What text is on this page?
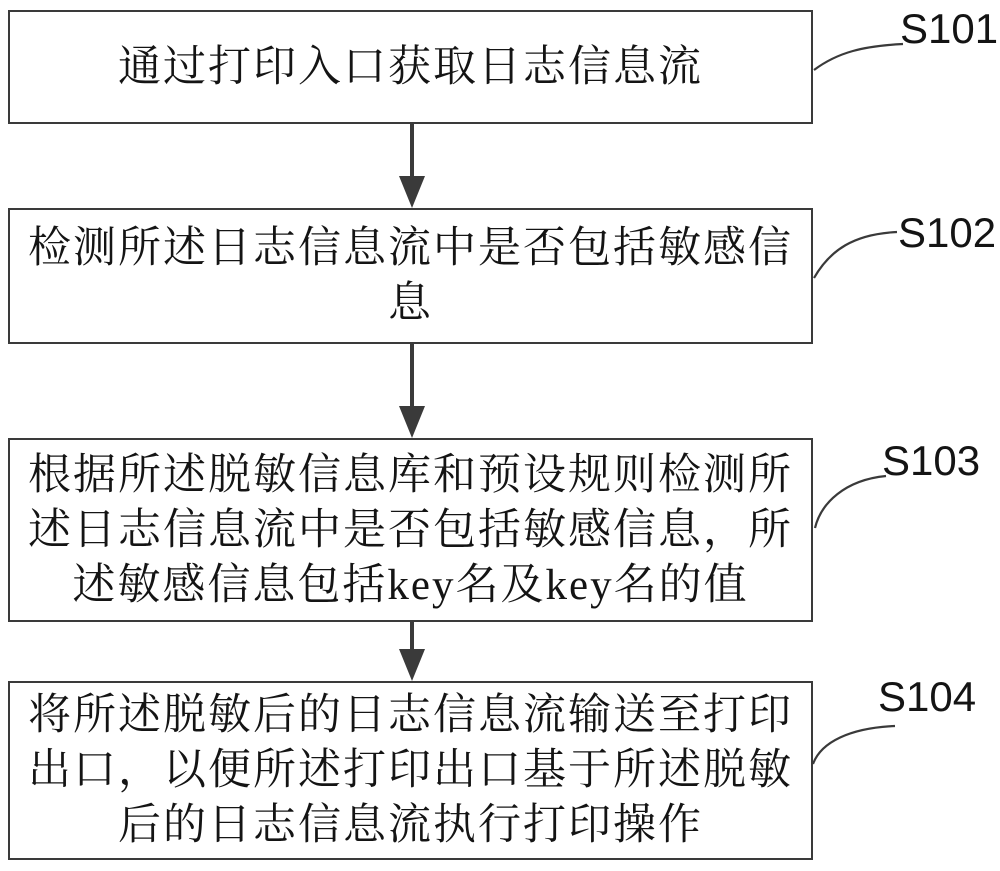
通过打印入口获取日志信息流
检测所述日志信息流中是否包括敏感信
息
根据所述脱敏信息库和预设规则检测所
述日志信息流中是否包括敏感信息，所
述敏感信息包括key名及key名的值
将所述脱敏后的日志信息流输送至打印
出口，以便所述打印出口基于所述脱敏
后的日志信息流执行打印操作
S101
S102
S103
S104
